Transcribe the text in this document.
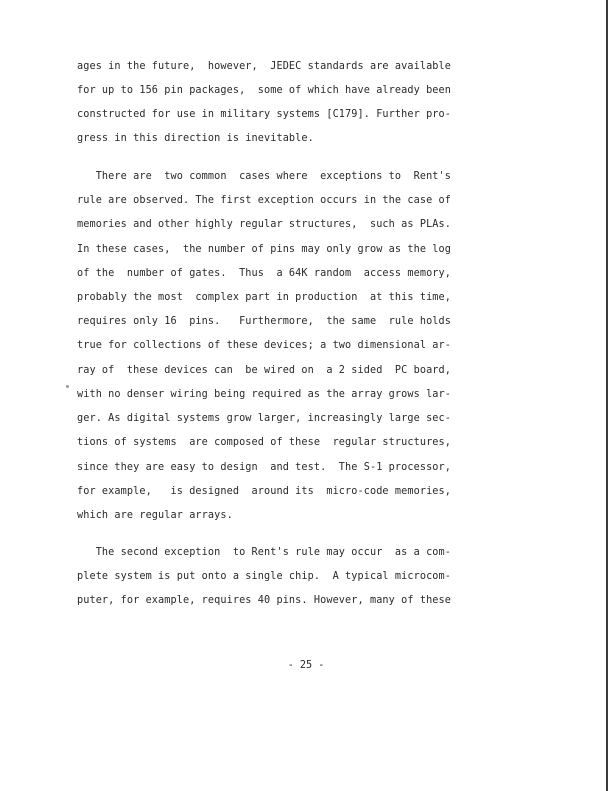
ages in the future,  however,  JEDEC standards are available
for up to 156 pin packages,  some of which have already been
constructed for use in military systems [C179]. Further pro-
gress in this direction is inevitable.
There are  two common  cases where  exceptions to  Rent's
rule are observed. The first exception occurs in the case of
memories and other highly regular structures,  such as PLAs.
In these cases,  the number of pins may only grow as the log
of the  number of gates.  Thus  a 64K random  access memory,
probably the most  complex part in production  at this time,
requires only 16  pins.   Furthermore,  the same  rule holds
true for collections of these devices; a two dimensional ar-
ray of  these devices can  be wired on  a 2 sided  PC board,
with no denser wiring being required as the array grows lar-
ger. As digital systems grow larger, increasingly large sec-
tions of systems  are composed of these  regular structures,
since they are easy to design  and test.  The S-1 processor,
for example,   is designed  around its  micro-code memories,
which are regular arrays.
The second exception  to Rent's rule may occur  as a com-
plete system is put onto a single chip.  A typical microcom-
puter, for example, requires 40 pins. However, many of these
- 25 -
